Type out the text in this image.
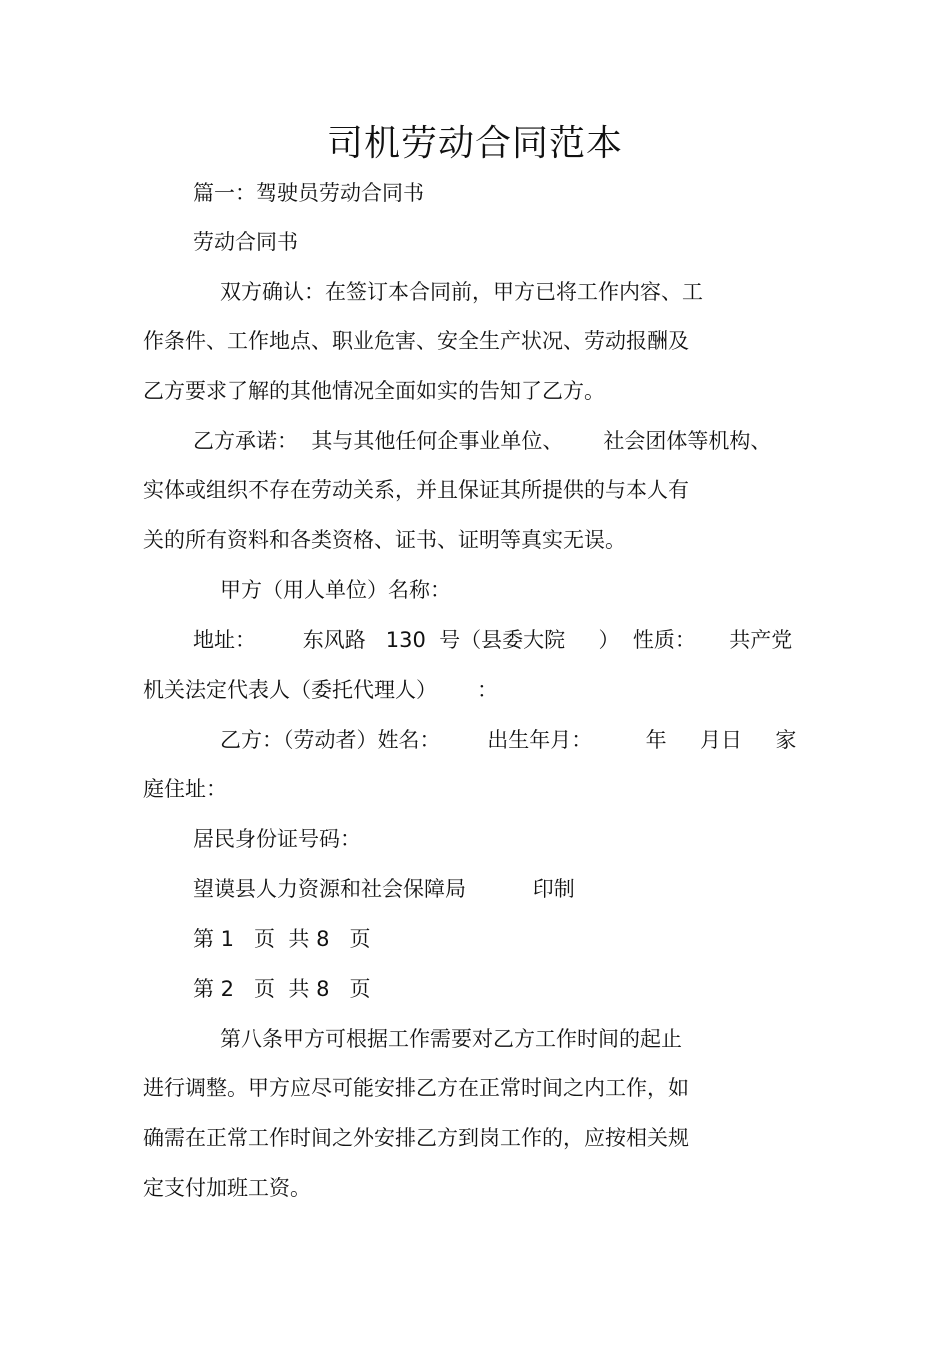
司机劳动合同范本
篇一：驾驶员劳动合同书
劳动合同书
双方确认：在签订本合同前，甲方已将工作内容、工
作条件、工作地点、职业危害、安全生产状况、劳动报酬及
乙方要求了解的其他情况全面如实的告知了乙方。
乙方承诺：  其与其他任何企事业单位、      社会团体等机构、
实体或组织不存在劳动关系，并且保证其所提供的与本人有
关的所有资料和各类资格、证书、证明等真实无误。
甲方（用人单位）名称：
地址：       东风路   130  号（县委大院     ）  性质：     共产党
机关法定代表人（委托代理人）      ：
乙方：（劳动者）姓名：       出生年月：        年     月日     家
庭住址：
居民身份证号码：
望谟县人力资源和社会保障局          印制
第 1   页  共 8   页
第 2   页  共 8   页
第八条甲方可根据工作需要对乙方工作时间的起止
进行调整。甲方应尽可能安排乙方在正常时间之内工作，如
确需在正常工作时间之外安排乙方到岗工作的，应按相关规
定支付加班工资。
